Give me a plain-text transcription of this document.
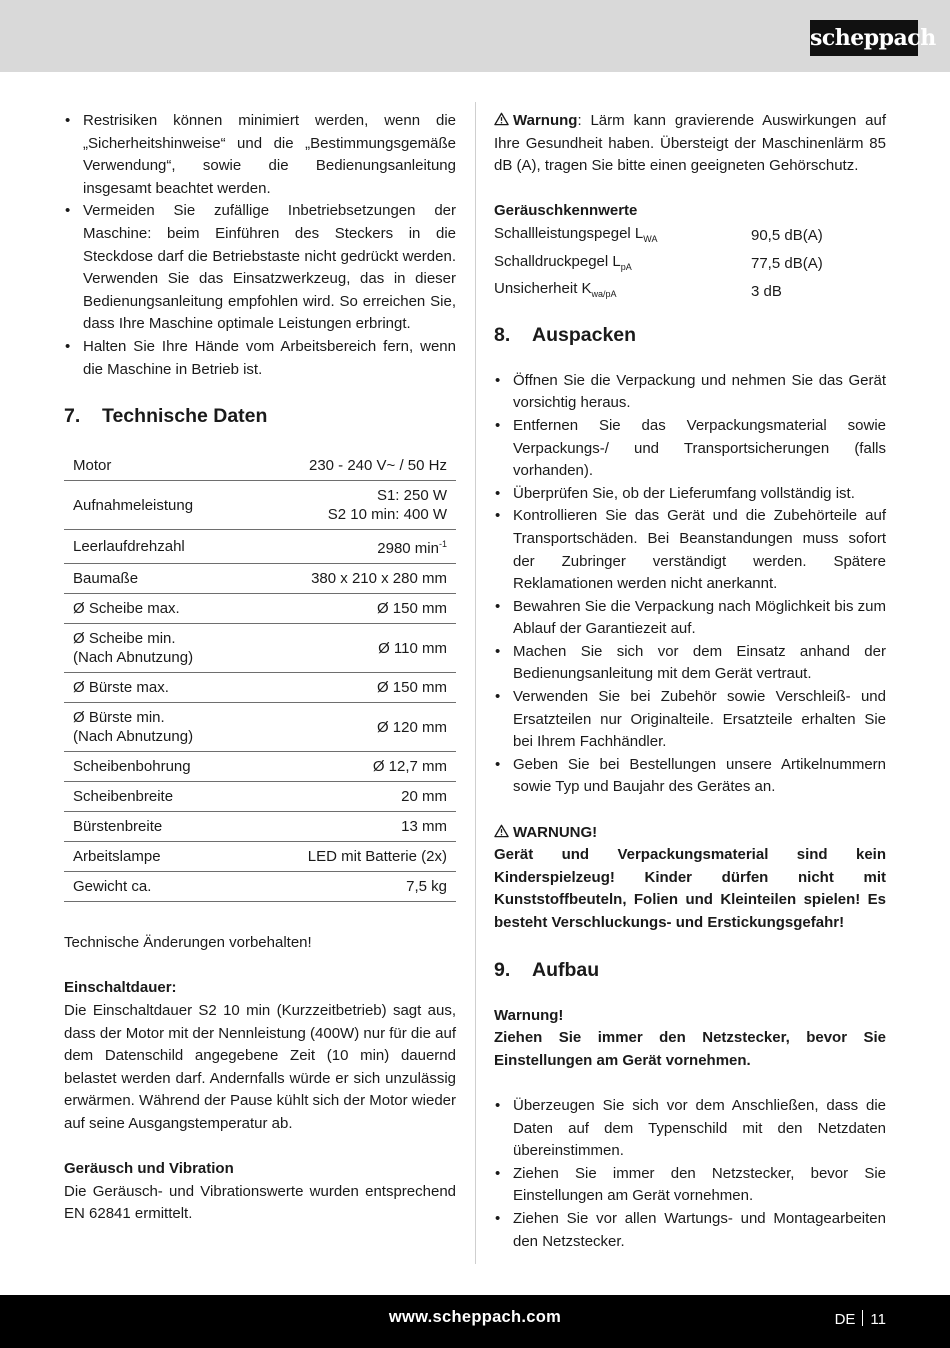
scheppach
• Restrisiken können minimiert werden, wenn die „Sicherheitshinweise“ und die „Bestimmungsgemäße Verwendung“, sowie die Bedienungsanleitung insgesamt beachtet werden.
• Vermeiden Sie zufällige Inbetriebsetzungen der Maschine: beim Einführen des Steckers in die Steckdose darf die Betriebstaste nicht gedrückt werden. Verwenden Sie das Einsatzwerkzeug, das in dieser Bedienungsanleitung empfohlen wird. So erreichen Sie, dass Ihre Maschine optimale Leistungen erbringt.
• Halten Sie Ihre Hände vom Arbeitsbereich fern, wenn die Maschine in Betrieb ist.
7. Technische Daten
Motor	230 - 240 V~ / 50 Hz
Aufnahmeleistung	S1: 250 W
S2 10 min: 400 W

Leerlaufdrehzahl	2980 $\min^{-1}$
Baumaße	380 x 210 x 280 mm
Ø Scheibe max.	Ø 150 mm

Ø Scheibe min.
(Nach Abnutzung)	Ø 110 mm
Ø Bürste max.	Ø 150 mm

Ø Bürste min.
(Nach Abnutzung)	Ø 120 mm
Scheibenbohrung	Ø 12,7 mm
Scheibenbreite	20 mm
Bürstenbreite	13 mm
Arbeitslampe	LED mit Batterie (2x)
Gewicht ca.	7,5 kg

Technische Änderungen vorbehalten!

Einschaltdauer:

Die Einschaltdauer S2 10 min (Kurzzeitbetrieb) sagt aus, dass der Motor mit der Nennleistung (400W) nur für die auf dem Datenschild angegebene Zeit (10 min) dauernd belastet werden darf. Andernfalls würde er sich unzulässig erwärmen. Während der Pause kühlt sich der Motor wieder auf seine Ausgangstemperatur ab.

Geräusch und Vibration

Die Geräusch- und Vibrationswerte wurden entsprechend EN 62841 ermittelt.

Warnung: Lärm kann gravierende Auswirkungen auf Ihre Gesundheit haben. Übersteigt der Maschinenlärm 85 dB (A), tragen Sie bitte einen geeigneten Gehörschutz.

Geräuschkennwerte

Schallleistungspegel $L_{WA}$	90,5 dB(A)
Schalldruckpegel $L_{pA}$	77,5 dB(A)
Unsicherheit $K_{wa/pA}$	3 dB
8. Auspacken
• Öffnen Sie die Verpackung und nehmen Sie das Gerät vorsichtig heraus.
• Entfernen Sie das Verpackungsmaterial sowie Verpackungs-/ und Transportsicherungen (falls vorhanden).
• Überprüfen Sie, ob der Lieferumfang vollständig ist.
• Kontrollieren Sie das Gerät und die Zubehörteile auf Transportschäden. Bei Beanstandungen muss sofort der Zubringer verständigt werden. Spätere Reklamationen werden nicht anerkannt.
• Bewahren Sie die Verpackung nach Möglichkeit bis zum Ablauf der Garantiezeit auf.
• Machen Sie sich vor dem Einsatz anhand der Bedienungsanleitung mit dem Gerät vertraut.
• Verwenden Sie bei Zubehör sowie Verschleiß- und Ersatzteilen nur Originalteile. Ersatzteile erhalten Sie bei Ihrem Fachhändler.
• Geben Sie bei Bestellungen unsere Artikelnummern sowie Typ und Baujahr des Gerätes an.

WARNUNG!

Gerät und Verpackungsmaterial sind kein Kinderspielzeug! Kinder dürfen nicht mit Kunststoffbeuteln, Folien und Kleinteilen spielen! Es besteht Verschluckungs- und Erstickungsgefahr!

9. Aufbau

Warnung!

Ziehen Sie immer den Netzstecker, bevor Sie Einstellungen am Gerät vornehmen.

• Überzeugen Sie sich vor dem Anschließen, dass die Daten auf dem Typenschild mit den Netzdaten übereinstimmen.
• Ziehen Sie immer den Netzstecker, bevor Sie Einstellungen am Gerät vornehmen.
• Ziehen Sie vor allen Wartungs- und Montagearbeiten den Netzstecker.
www.scheppach.com	DE 11
